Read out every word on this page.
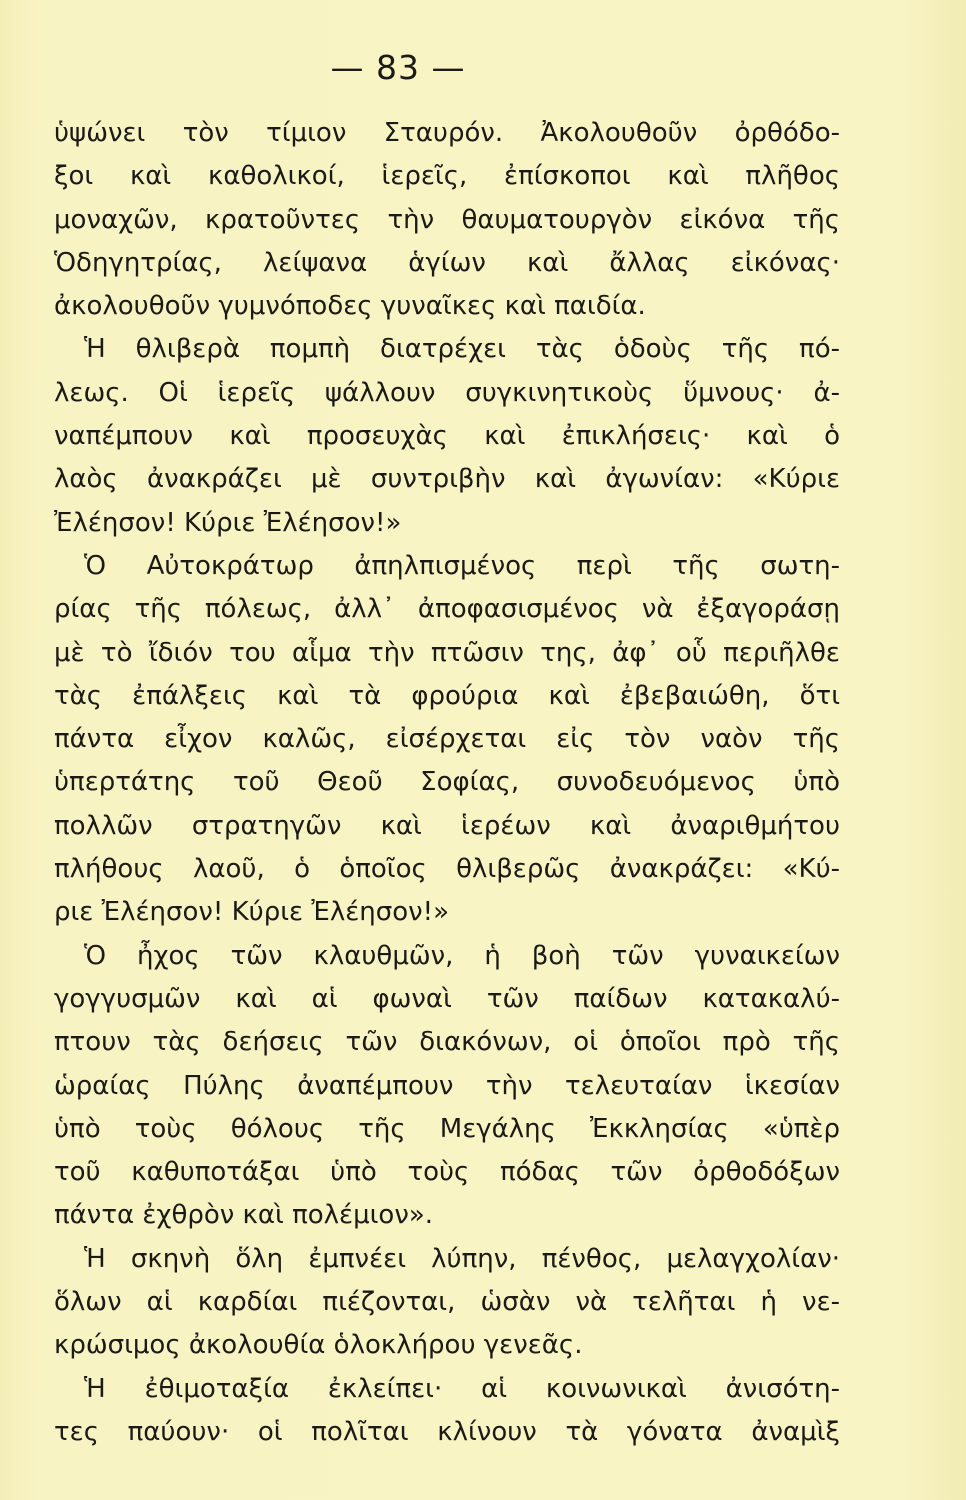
— 83 —
ὑψώνει τὸν τίμιον Σταυρόν. Ἀκολουθοῦν ὀρθόδο-
ξοι καὶ καθολικοί, ἱερεῖς, ἐπίσκοποι καὶ πλῆθος
μοναχῶν, κρατοῦντες τὴν θαυματουργὸν εἰκόνα τῆς
Ὁδηγητρίας, λείψανα ἁγίων καὶ ἄλλας εἰκόνας·
ἀκολουθοῦν γυμνόποδες γυναῖκες καὶ παιδία.
Ἡ θλιβερὰ πομπὴ διατρέχει τὰς ὁδοὺς τῆς πό-
λεως. Οἱ ἱερεῖς ψάλλουν συγκινητικοὺς ὕμνους· ἀ-
ναπέμπουν καὶ προσευχὰς καὶ ἐπικλήσεις· καὶ ὁ
λαὸς ἀνακράζει μὲ συντριβὴν καὶ ἀγωνίαν: «Κύριε
Ἐλέησον! Κύριε Ἐλέησον!»
Ὁ Αὐτοκράτωρ ἀπηλπισμένος περὶ τῆς σωτη-
ρίας τῆς πόλεως, ἀλλ᾽ ἀποφασισμένος νὰ ἐξαγοράσῃ
μὲ τὸ ἴδιόν του αἷμα τὴν πτῶσιν της, ἀφ᾽ οὗ περιῆλθε
τὰς ἐπάλξεις καὶ τὰ φρούρια καὶ ἐβεβαιώθη, ὅτι
πάντα εἶχον καλῶς, εἰσέρχεται εἰς τὸν ναὸν τῆς
ὑπερτάτης τοῦ Θεοῦ Σοφίας, συνοδευόμενος ὑπὸ
πολλῶν στρατηγῶν καὶ ἱερέων καὶ ἀναριθμήτου
πλήθους λαοῦ, ὁ ὁποῖος θλιβερῶς ἀνακράζει: «Κύ-
ριε Ἐλέησον! Κύριε Ἐλέησον!»
Ὁ ἦχος τῶν κλαυθμῶν, ἡ βοὴ τῶν γυναικείων
γογγυσμῶν καὶ αἱ φωναὶ τῶν παίδων κατακαλύ-
πτουν τὰς δεήσεις τῶν διακόνων, οἱ ὁποῖοι πρὸ τῆς
ὡραίας Πύλης ἀναπέμπουν τὴν τελευταίαν ἱκεσίαν
ὑπὸ τοὺς θόλους τῆς Μεγάλης Ἐκκλησίας «ὑπὲρ
τοῦ καθυποτάξαι ὑπὸ τοὺς πόδας τῶν ὀρθοδόξων
πάντα ἐχθρὸν καὶ πολέμιον».
Ἡ σκηνὴ ὅλη ἐμπνέει λύπην, πένθος, μελαγχολίαν·
ὅλων αἱ καρδίαι πιέζονται, ὡσὰν νὰ τελῆται ἡ νε-
κρώσιμος ἀκολουθία ὁλοκλήρου γενεᾶς.
Ἡ ἐθιμοταξία ἐκλείπει· αἱ κοινωνικαὶ ἀνισότη-
τες παύουν· οἱ πολῖται κλίνουν τὰ γόνατα ἀναμὶξ
